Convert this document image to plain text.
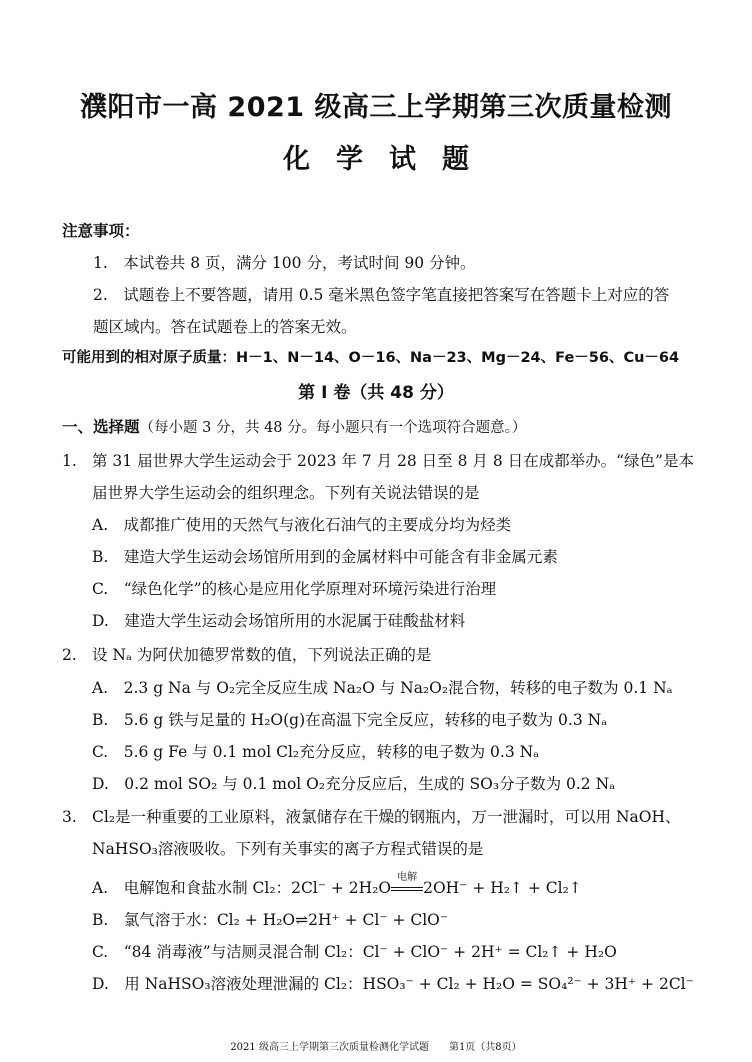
濮阳市一高 2021 级高三上学期第三次质量检测
化学试题
注意事项：
1.　本试卷共 8 页，满分 100 分，考试时间 90 分钟。
2.　试题卷上不要答题，请用 0.5 毫米黑色签字笔直接把答案写在答题卡上对应的答
题区域内。答在试题卷上的答案无效。
可能用到的相对原子质量：H－1、N－14、O－16、Na－23、Mg－24、Fe－56、Cu－64
第 I 卷（共 48 分）
一、选择题（每小题 3 分，共 48 分。每小题只有一个选项符合题意。）
1. 第 31 届世界大学生运动会于 2023 年 7 月 28 日至 8 月 8 日在成都举办。“绿色”是本
届世界大学生运动会的组织理念。下列有关说法错误的是
A.　成都推广使用的天然气与液化石油气的主要成分均为烃类
B.　建造大学生运动会场馆所用到的金属材料中可能含有非金属元素
C.　“绿色化学”的核心是应用化学原理对环境污染进行治理
D.　建造大学生运动会场馆所用的水泥属于硅酸盐材料
2. 设 Nₐ 为阿伏加德罗常数的值，下列说法正确的是
A.　2.3 g Na 与 O₂完全反应生成 Na₂O 与 Na₂O₂混合物，转移的电子数为 0.1 Nₐ
B.　5.6 g 铁与足量的 H₂O(g)在高温下完全反应，转移的电子数为 0.3 Nₐ
C.　5.6 g Fe 与 0.1 mol Cl₂充分反应，转移的电子数为 0.3 Nₐ
D.　0.2 mol SO₂ 与 0.1 mol O₂充分反应后，生成的 SO₃分子数为 0.2 Nₐ
3. Cl₂是一种重要的工业原料，液氯储存在干燥的钢瓶内，万一泄漏时，可以用 NaOH、
NaHSO₃溶液吸收。下列有关事实的离子方程式错误的是
A.　电解饱和食盐水制 Cl₂：2Cl⁻ + 2H₂O
电解
2OH⁻ + H₂↑ + Cl₂↑
B.　氯气溶于水：Cl₂ + H₂O⇌2H⁺ + Cl⁻ + ClO⁻
C.　“84 消毒液”与洁厕灵混合制 Cl₂：Cl⁻ + ClO⁻ + 2H⁺ = Cl₂↑ + H₂O
D.　用 NaHSO₃溶液处理泄漏的 Cl₂：HSO₃⁻ + Cl₂ + H₂O = SO₄²⁻ + 3H⁺ + 2Cl⁻
2021 级高三上学期第三次质量检测化学试题　　第1页（共8页）
